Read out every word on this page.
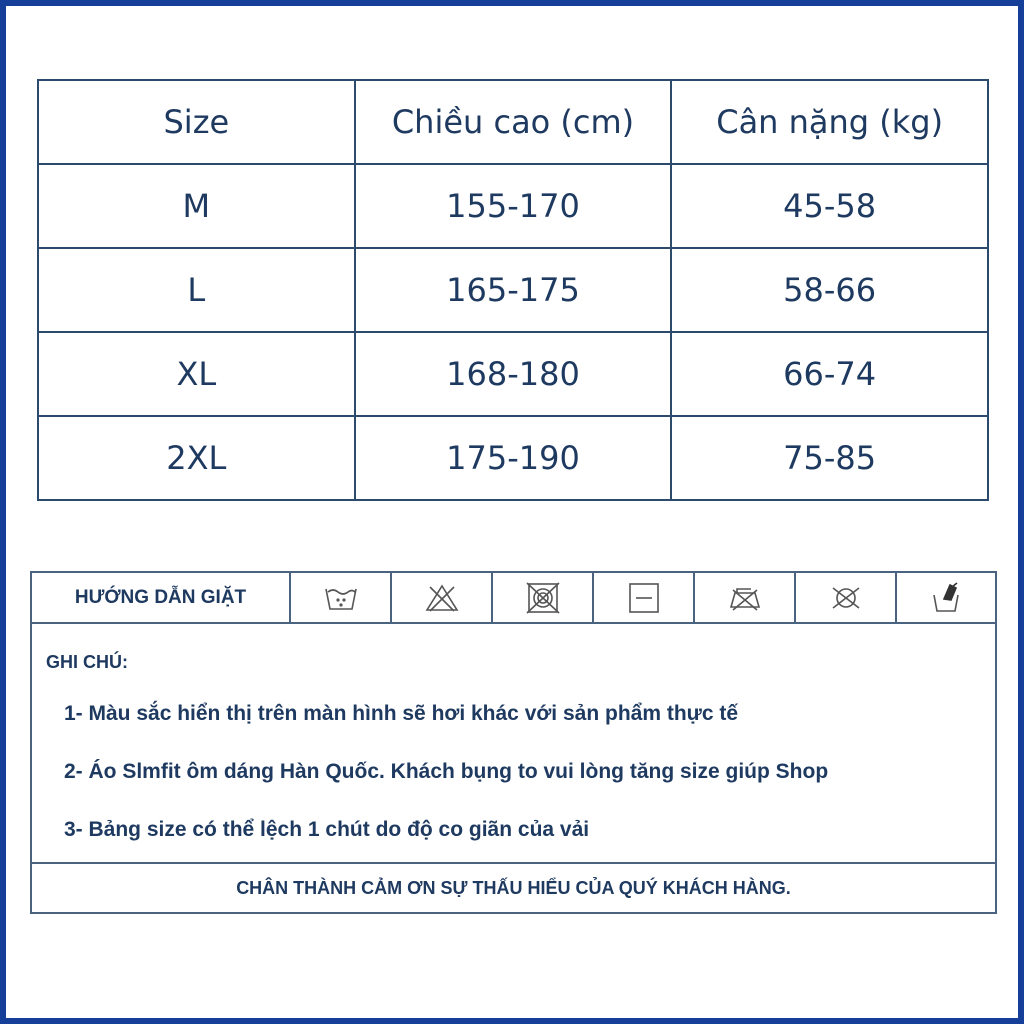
Size	Chiều cao (cm)	Cân nặng (kg)
M	155-170	45-58
L	165-175	58-66
XL	168-180	66-74
2XL	175-190	75-85
HƯỚNG DẪN GIẶT
GHI CHÚ:
1- Màu sắc hiển thị trên màn hình sẽ hơi khác với sản phẩm thực tế
2- Áo Slmfit ôm dáng Hàn Quốc. Khách bụng to vui lòng tăng size giúp Shop
3- Bảng size có thể lệch 1 chút do độ co giãn của vải
CHÂN THÀNH CẢM ƠN SỰ THẤU HIỂU CỦA QUÝ KHÁCH HÀNG.
